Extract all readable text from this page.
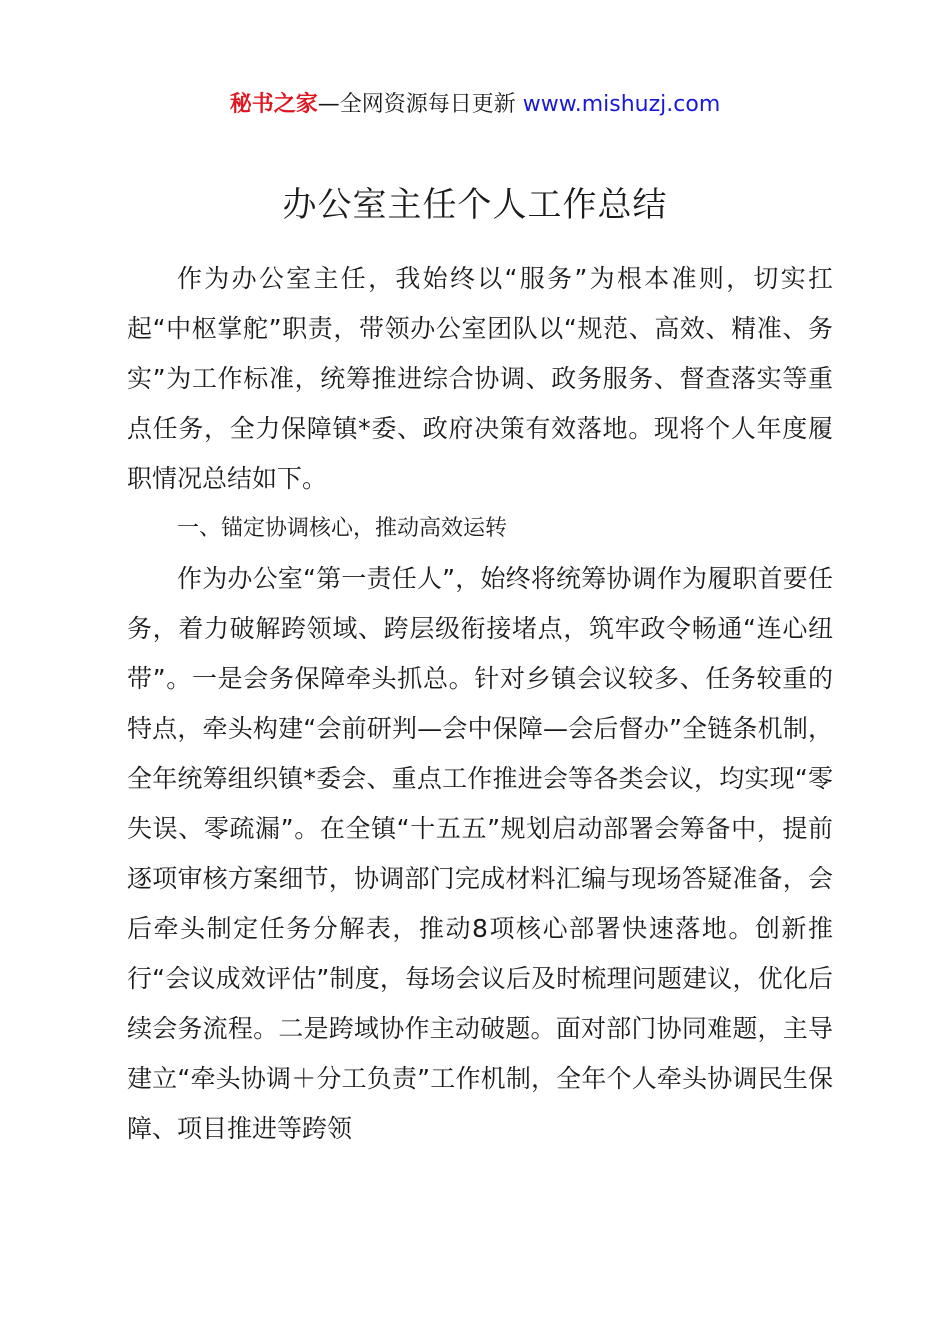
秘书之家—全网资源每日更新 www.mishuzj.com
办公室主任个人工作总结

作为办公室主任，我始终以“服务”为根本准则，切实扛起“中枢掌舵”职责，带领办公室团队以“规范、高效、精准、务实”为工作标准，统筹推进综合协调、政务服务、督查落实等重点任务，全力保障镇*委、政府决策有效落地。现将个人年度履职情况总结如下。

一、锚定协调核心，推动高效运转

作为办公室“第一责任人”，始终将统筹协调作为履职首要任务，着力破解跨领域、跨层级衔接堵点，筑牢政令畅通“连心纽带”。一是会务保障牵头抓总。针对乡镇会议较多、任务较重的特点，牵头构建“会前研判—会中保障—会后督办”全链条机制，全年统筹组织镇*委会、重点工作推进会等各类会议，均实现“零失误、零疏漏”。在全镇“十五五”规划启动部署会筹备中，提前逐项审核方案细节，协调部门完成材料汇编与现场答疑准备，会后牵头制定任务分解表，推动8项核心部署快速落地。创新推行“会议成效评估”制度，每场会议后及时梳理问题建议，优化后续会务流程。二是跨域协作主动破题。面对部门协同难题，主导建立“牵头协调＋分工负责”工作机制，全年个人牵头协调民生保障、项目推进等跨领
